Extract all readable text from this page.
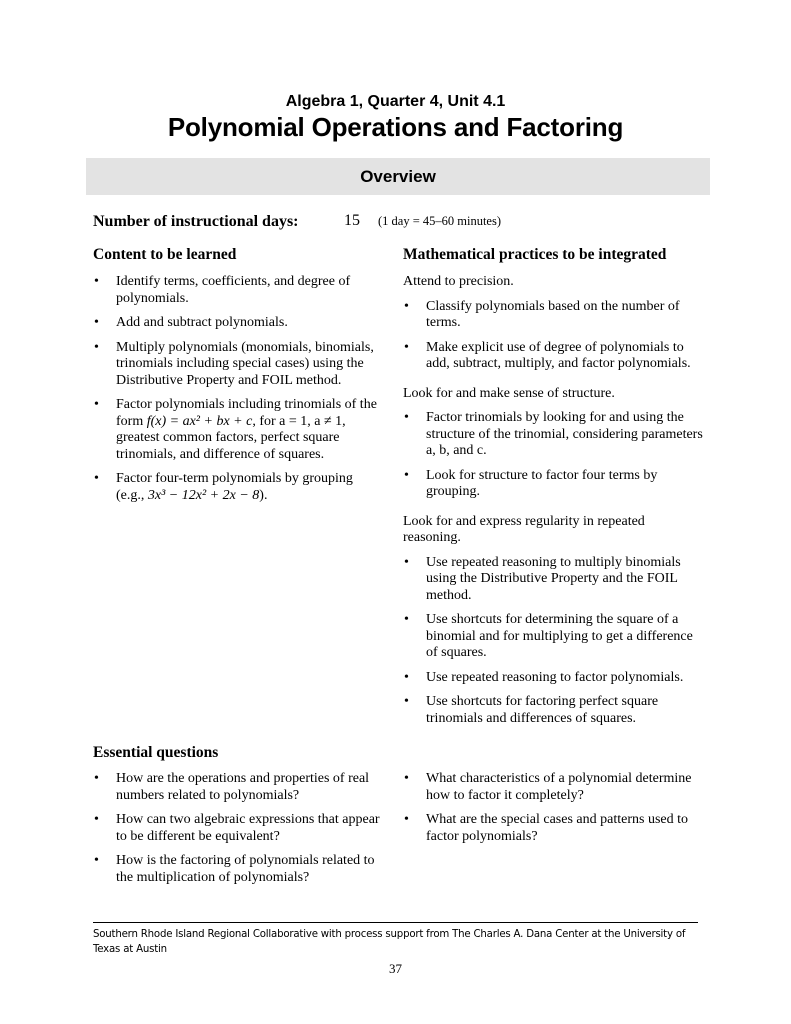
Algebra 1, Quarter 4, Unit 4.1
Polynomial Operations and Factoring
Overview
Number of instructional days:	15 (1 day = 45–60 minutes)
Content to be learned
• Identify terms, coefficients, and degree of polynomials.
• Add and subtract polynomials.
• Multiply polynomials (monomials, binomials, trinomials including special cases) using the Distributive Property and FOIL method.
• Factor polynomials including trinomials of the
form f(x) = ax² + bx + c, for a = 1, a ≠ 1,
greatest common factors, perfect square trinomials, and difference of squares.
• Factor four-term polynomials by grouping
(e.g., 3x³ − 12x² + 2x − 8).
Mathematical practices to be integrated

Attend to precision.

• Classify polynomials based on the number of terms.
• Make explicit use of degree of polynomials to add, subtract, multiply, and factor polynomials.

Look for and make sense of structure.

• Factor trinomials by looking for and using the structure of the trinomial, considering parameters a, b, and c.
• Look for structure to factor four terms by grouping.

Look for and express regularity in repeated reasoning.

• Use repeated reasoning to multiply binomials using the Distributive Property and the FOIL method.
• Use shortcuts for determining the square of a binomial and for multiplying to get a difference of squares.
• Use repeated reasoning to factor polynomials.
• Use shortcuts for factoring perfect square trinomials and differences of squares.
Essential questions
• How are the operations and properties of real numbers related to polynomials?
• How can two algebraic expressions that appear to be different be equivalent?
• How is the factoring of polynomials related to the multiplication of polynomials?
• What characteristics of a polynomial determine how to factor it completely?
• What are the special cases and patterns used to factor polynomials?
Southern Rhode Island Regional Collaborative with process support from The Charles A. Dana Center at the University of Texas at Austin
37
